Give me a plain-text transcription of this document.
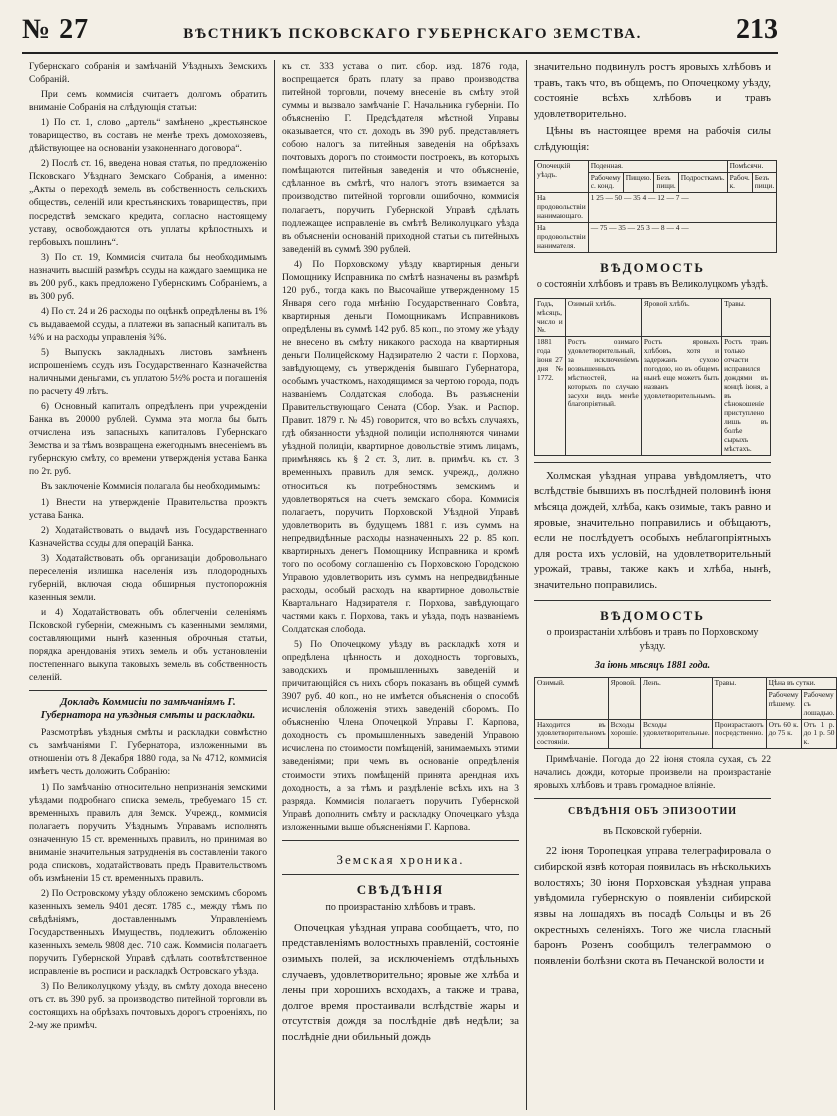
№ 27	ВѢСТНИКЪ ПСКОВСКАГО ГУБЕРНСКАГО ЗЕМСТВА.	213

Губернскаго собранія и замѣчаній Уѣздныхъ Земскихъ Собраній.

При семъ коммисія считаетъ долгомъ обратить вниманіе Собранія на слѣдующія статьи:

1) По ст. 1, слово „артель“ замѣнено „крестьянское товарищество, въ составъ не менѣе трехъ домохозяевъ, дѣйствующее на основаніи узаконеннаго договора“.

2) Послѣ ст. 16, введена новая статья, по предложенію Псковскаго Уѣзднаго Земскаго Собранія, а именно: „Акты о переходѣ земель въ собственность сельскихъ обществъ, селеній или крестьянскихъ товариществъ, при посредствѣ земскаго кредита, согласно настоящему уставу, освобождаются отъ уплаты крѣпостныхъ и гербовыхъ пошлинъ“.

3) По ст. 19, Коммисія считала бы необходимымъ назначить высшій размѣръ ссуды на каждаго заемщика не въ 200 руб., какъ предложено Губернскимъ Собраніемъ, а въ 300 руб.

4) По ст. 24 и 26 расходы по оцѣнкѣ опредѣлены въ 1% съ выдаваемой ссуды, а платежи въ запасный капиталъ въ ¼% и на расходы управленія ¾%.

5) Выпускъ закладныхъ листовъ замѣненъ испрошеніемъ ссудъ изъ Государственнаго Казначейства наличными деньгами, съ уплатою 5½% роста и погашенія по расчету 49 лѣтъ.

6) Основный капиталъ опредѣленъ при учрежденіи Банка въ 20000 рублей. Сумма эта могла бы быть отчислена изъ запасныхъ капиталовъ Губернскаго Земства и за тѣмъ возвращена ежегоднымъ внесеніемъ въ губернскую смѣту, со времени утвержденія устава Банка по 2т. руб.

Въ заключеніе Коммисія полагала бы необходимымъ:

1) Внести на утвержденіе Правительства проэктъ устава Банка.

2) Ходатайствовать о выдачѣ изъ Государственнаго Казначейства ссуды для операцій Банка.

3) Ходатайствовать объ организаціи добровольнаго переселенія излишка населенія изъ плодородныхъ губерній, включая сюда обширныя пустопорожнія казенныя земли.

и 4) Ходатайствовать объ облегченіи селеніямъ Псковской губерніи, смежнымъ съ казенными землями, составляющими нынѣ казенныя оброчныя статьи, порядка арендованія этихъ земель и объ установленіи постепеннаго выкупа таковыхъ земель въ собственность селеній.

Докладъ Коммисіи по замѣчаніямъ Г. Губернатора на уѣздныя смѣты и раскладки.

Разсмотрѣвъ уѣздныя смѣты и раскладки совмѣстно съ замѣчаніями Г. Губернатора, изложенными въ отношеніи отъ 8 Декабря 1880 года, за № 4712, коммисія имѣетъ честь доложить Собранію:

1) По замѣчанію относительно непризнанія земскими уѣздами подробнаго списка земель, требуемаго 15 ст. временныхъ правилъ для Земск. Учрежд., коммисія полагаетъ поручить Уѣзднымъ Управамъ исполнять означенную 15 ст. временныхъ правилъ, но принимая во вниманіе значительныя затрудненія въ составленіи такого рода списковъ, ходатайствовать предъ Правительствомъ объ измѣненіи 15 ст. временныхъ правилъ.

2) По Островскому уѣзду обложено земскимъ сборомъ казенныхъ земель 9401 десят. 1785 с., между тѣмъ по свѣдѣніямъ, доставленнымъ Управленіемъ Государственныхъ Имуществъ, подлежитъ обложенію казенныхъ земель 9808 дес. 710 саж. Коммисія полагаетъ поручить Губернской Управѣ сдѣлать соотвѣтственное исправленіе въ росписи и раскладкѣ Островскаго уѣзда.

3) По Великолуцкому уѣзду, въ смѣту дохода внесено отъ ст. въ 390 руб. за производство питейной торговли въ состоящихъ на обрѣзахъ почтовыхъ дорогъ строеніяхъ, по 2-му же примѣч.

къ ст. 333 устава о пит. сбор. изд. 1876 года, воспрещается брать плату за право производства питейной торговли, почему внесеніе въ смѣту этой суммы и вызвало замѣчаніе Г. Начальника губерніи. По объясненію Г. Предсѣдателя мѣстной Управы оказывается, что ст. доходъ въ 390 руб. представляетъ собою налогъ за питейныя заведенія на обрѣзахъ почтовыхъ дорогъ по стоимости построекъ, въ которыхъ помѣщаются питейныя заведенія и что объясненіе, сдѣланное въ смѣтѣ, что налогъ этотъ взимается за производство питейной торговли ошибочно, коммисія полагаетъ, поручить Губернской Управѣ сдѣлать подлежащее исправленіе въ смѣтѣ Великолуцкаго уѣзда въ объясненіи основаній приходной статьи съ питейныхъ заведеній въ суммѣ 390 рублей.

4) По Порховскому уѣзду квартирныя деньги Помощнику Исправника по смѣтѣ назначены въ размѣрѣ 120 руб., тогда какъ по Высочайше утвержденному 15 Января сего года мнѣнію Государственнаго Совѣта, квартирныя деньги Помощникамъ Исправниковъ опредѣлены въ суммѣ 142 руб. 85 коп., по этому же уѣзду не внесено въ смѣту никакого расхода на квартирныя деньги Полицейскому Надзирателю 2 части г. Порхова, завѣдующему, съ утвержденія бывшаго Губернатора, особымъ участкомъ, находящимся за чертою города, подъ названіемъ Солдатская слобода. Въ разъясненіи Правительствующаго Сената (Сбор. Узак. и Распор. Правит. 1879 г. № 45) говорится, что во всѣхъ случаяхъ, гдѣ обязанности уѣздной полиціи исполняются чинами уѣздной полиціи, квартирное довольствіе этимъ лицамъ, примѣняясь къ § 2 ст. 3, лит. в. примѣч. къ ст. 3 временныхъ правилъ для земск. учрежд., должно относиться къ потребностямъ земскимъ и удовлетворяться на счетъ земскаго сбора. Коммисія полагаетъ, поручить Порховской Уѣздной Управѣ удовлетворить въ будущемъ 1881 г. изъ суммъ на непредвидѣнные расходы назначенныхъ 22 р. 85 коп. квартирныхъ денегъ Помощнику Исправника и кромѣ того по особому соглашенію съ Порховскою Городскою Управою удовлетворить изъ суммъ на непредвидѣнные расходы, особый расходъ на квартирное довольствіе Квартальнаго Надзирателя г. Порхова, завѣдующаго частями какъ г. Порхова, такъ и уѣзда, подъ названіемъ Солдатская слобода.

5) По Опочецкому уѣзду въ раскладкѣ хотя и опредѣлена цѣнность и доходность торговыхъ, заводскихъ и промышленныхъ заведеній и причитающійся съ нихъ сборъ показанъ въ общей суммѣ 3907 руб. 40 коп., но не имѣется объясненія о способѣ исчисленія обложенія этихъ заведеній сборомъ. По объясненію Члена Опочецкой Управы Г. Карпова, доходность съ промышленныхъ заведеній Управою исчислена по стоимости помѣщеній, занимаемыхъ этими заведеніями; при чемъ въ основаніе опредѣленія стоимости этихъ помѣщеній принята арендная ихъ доходность, а за тѣмъ и раздѣленіе всѣхъ ихъ на 3 разряда. Коммисія полагаетъ поручить Губернской Управѣ дополнить смѣту и раскладку Опочецкаго уѣзда изложенными выше объясненіями Г. Карпова.

Земская хроника.
СВѢДѢНІЯ
по произрастанію хлѣбовъ и травъ.

Опочецкая уѣздная управа сообщаетъ, что, по представленіямъ волостныхъ правленій, состояніе озимыхъ полей, за исключеніемъ отдѣльныхъ случаевъ, удовлетворительно; яровые же хлѣба и лены при хорошихъ всходахъ, а также и трава, долгое время простаивали вслѣдствіе жары и отсутствія дождя за послѣдніе двѣ недѣли; за послѣдніе дни обильный дождь

значительно подвинулъ ростъ яровыхъ хлѣбовъ и травъ, такъ что, въ общемъ, по Опочецкому уѣзду, состояніе всѣхъ хлѣбовъ и травъ удовлетворительно.

Цѣны въ настоящее время на рабочія силы слѣдующія:

Опочецкій уѣздъ.	Поденная.				Помѣсячн.	
	Рабочему с. конд.	Пищею.	Безъ пищи.	Подросткамъ.	Рабоч. к.	Безъ пищи.
На продовольствіи нанимающаго.	1 25 — 50 — 35 4 — 12 — 7 —					
На продовольствіи нанимателя.	— 75 — 35 — 25 3 — 8 — 4 —					
ВѢДОМОСТЬ
о состояніи хлѣбовъ и травъ въ Великолуцкомъ уѣздѣ.
Годъ, мѣсяцъ, число и №.	Озимый хлѣбъ.	Яровой хлѣбъ.	Травы.
1881 года іюня 27 дня № 1772.	Ростъ озимаго удовлетворительный, за исключеніемъ возвышенныхъ мѣстностей, на которыхъ по случаю засухи видъ менѣе благопріятный.	Ростъ яровыхъ хлѣбовъ, хотя и задержанъ сухою погодою, но въ общемъ нынѣ еще можетъ быть названъ удовлетворительнымъ.	Ростъ травъ только отчасти исправился дождями въ концѣ іюня, а въ сѣнокошеніе приступлено лишь въ болѣе сырыхъ мѣстахъ.

Холмская уѣздная управа увѣдомляетъ, что вслѣдствіе бывшихъ въ послѣдней половинѣ іюня мѣсяца дождей, хлѣба, какъ озимые, такъ равно и яровые, значительно поправились и обѣщаютъ, если не послѣдуетъ особыхъ неблагопріятныхъ для роста ихъ условій, на удовлетворительный урожай, травы, также какъ и хлѣба, нынѣ, значительно поправились.

ВѢДОМОСТЬ
о произрастаніи хлѣбовъ и травъ по Порховскому уѣзду.
За іюнь мѣсяцъ 1881 года.
Озимый.	Яровой.	Ленъ.	Травы.	Цѣна въ сутки.	
				Рабочему пѣшему.	Рабочему съ лошадью.
Находится въ удовлетворительномъ состояніи.	Всходы хорошіе.	Всходы удовлетворительные.	Произрастаютъ посредственно.	Отъ 60 к. до 75 к.	Отъ 1 р. до 1 р. 50 к.

Примѣчаніе. Погода до 22 іюня стояла сухая, съ 22 начались дожди, которые произвели на произрастаніе яровыхъ хлѣбовъ и травъ громадное вліяніе.

СВѢДѢНІЯ ОБЪ ЭПИЗООТИИ
въ Псковской губерніи.

22 іюня Торопецкая управа телеграфировала о сибирской язвѣ которая появилась въ нѣсколькихъ волостяхъ; 30 іюня Порховская уѣздная управа увѣдомила губернскую о появленіи сибирской язвы на лошадяхъ въ посадѣ Сольцы и въ 26 окрестныхъ селеніяхъ. Того же числа гласный баронъ Розенъ сообщилъ телеграммою о появленіи болѣзни скота въ Печанской волости и
